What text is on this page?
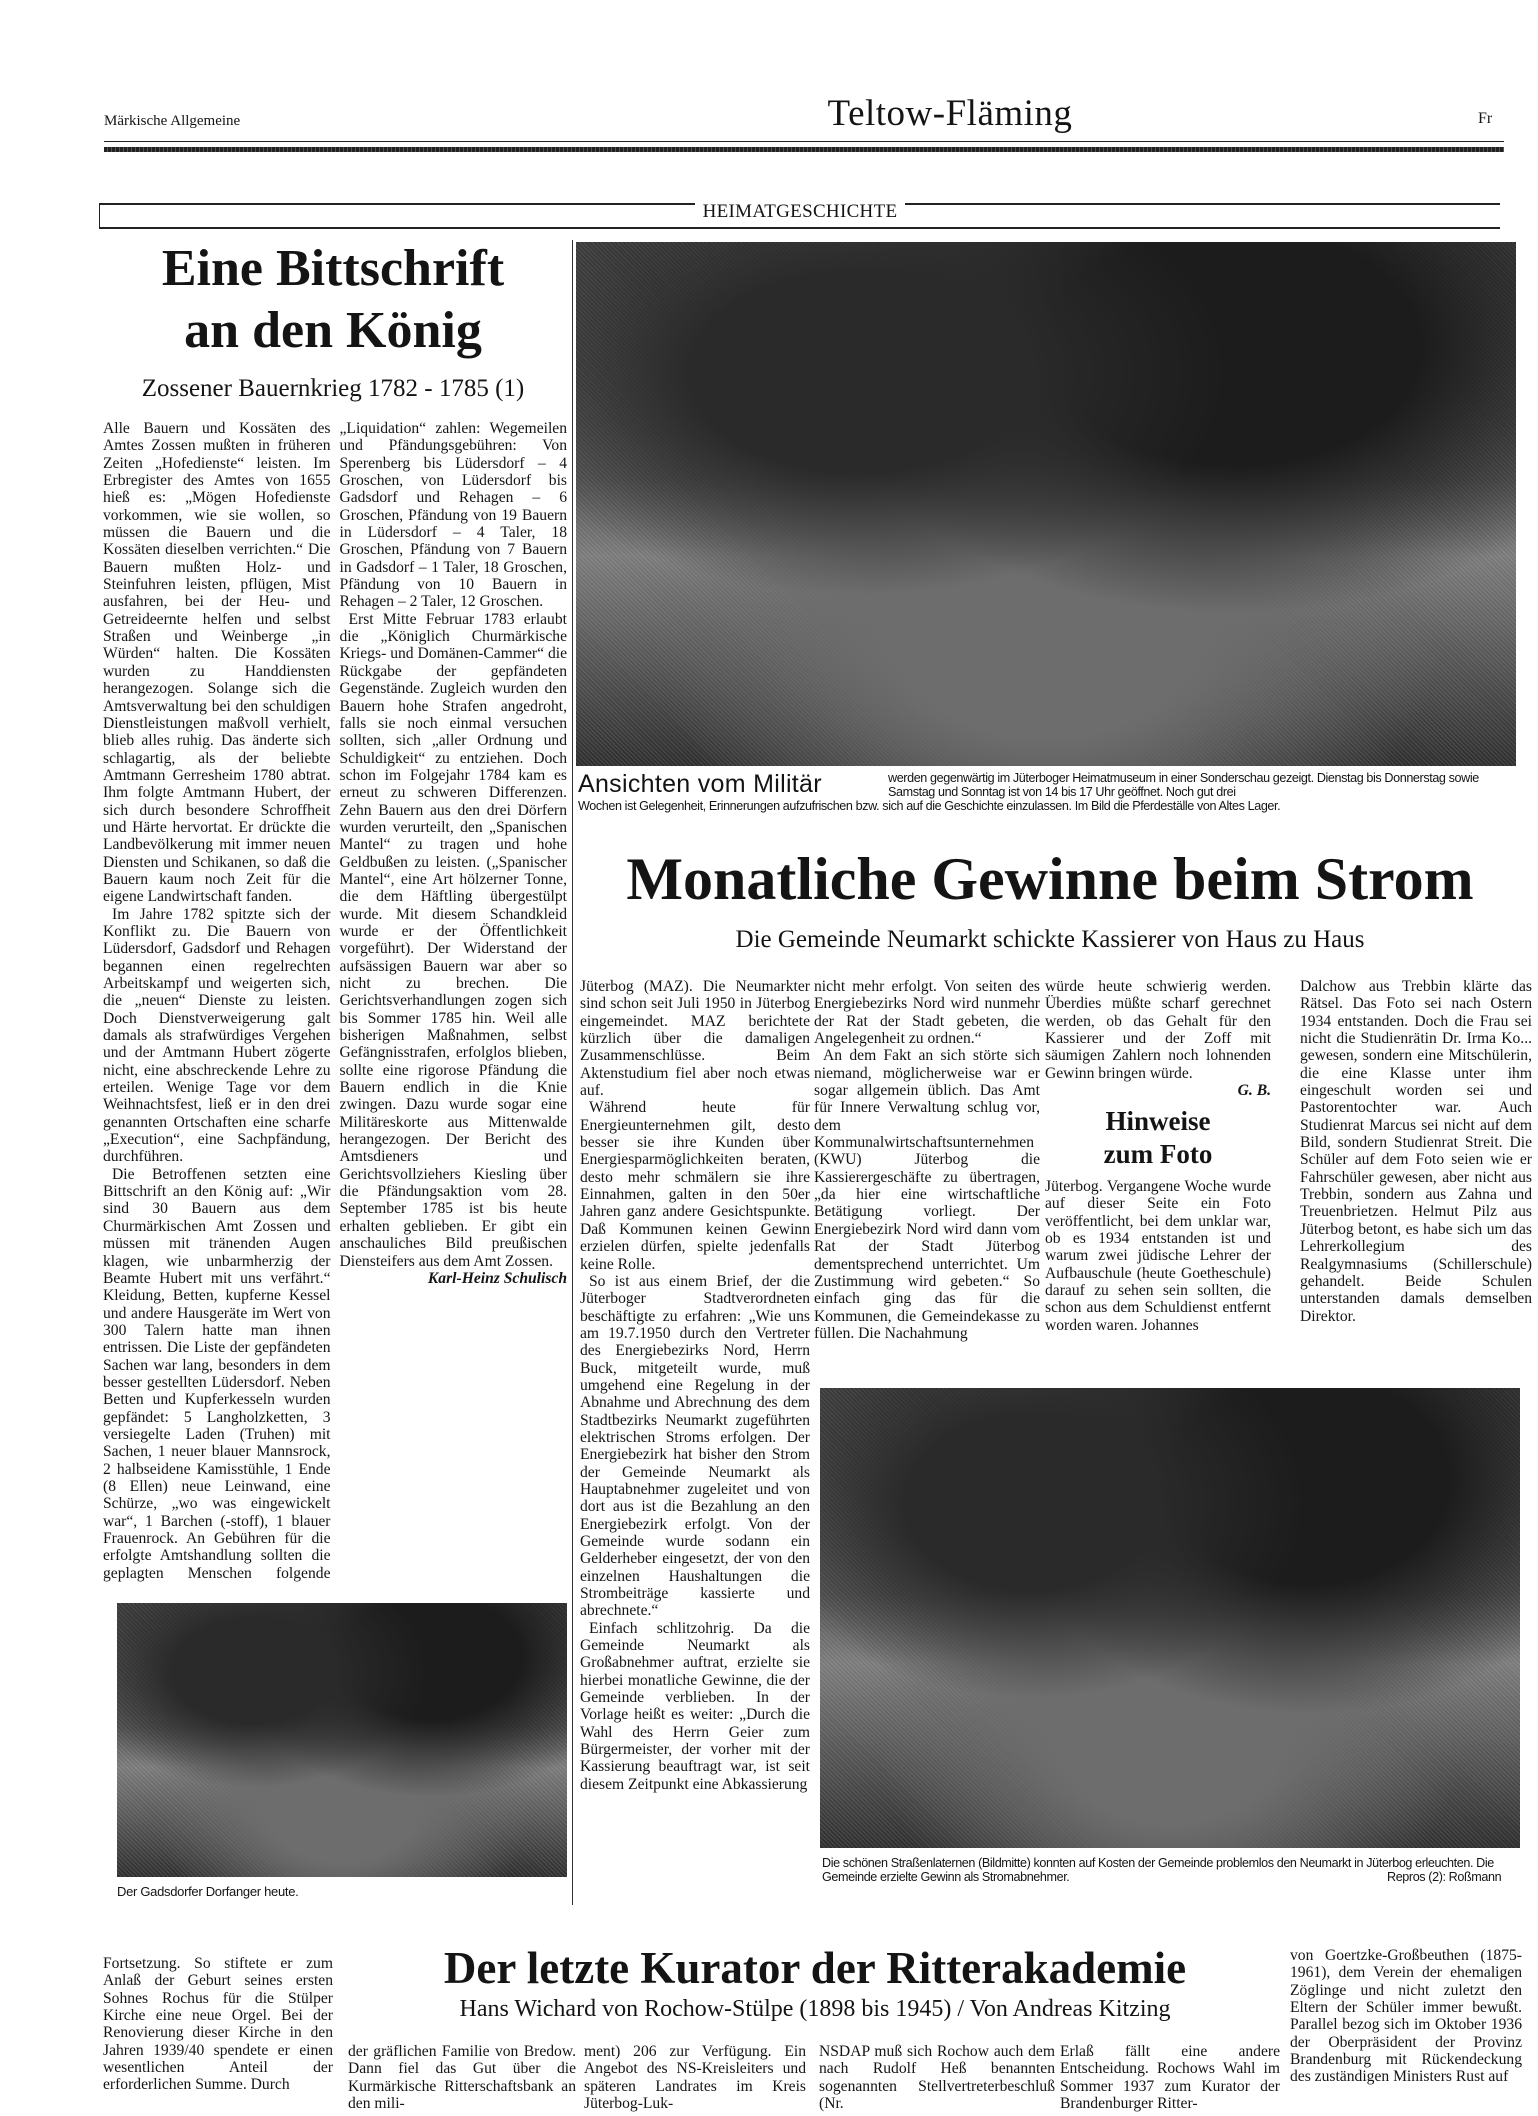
Märkische Allgemeine	Teltow-Fläming	Fr
HEIMATGESCHICHTE
Eine Bittschrift
an den König
Zossener Bauernkrieg 1782 - 1785 (1)

Alle Bauern und Kossäten des Amtes Zossen mußten in früheren Zeiten „Hofedienste“ leisten. Im Erbregister des Amtes von 1655 hieß es: „Mögen Hofedienste vorkommen, wie sie wollen, so müssen die Bauern und die Kossäten dieselben verrichten.“ Die Bauern mußten Holz- und Steinfuhren leisten, pflügen, Mist ausfahren, bei der Heu- und Getreideernte helfen und selbst Straßen und Weinberge „in Würden“ halten. Die Kossäten wurden zu Handdiensten herangezogen. Solange sich die Amtsverwaltung bei den schuldigen Dienstleistungen maßvoll verhielt, blieb alles ruhig. Das änderte sich schlagartig, als der beliebte Amtmann Gerresheim 1780 abtrat. Ihm folgte Amtmann Hubert, der sich durch besondere Schroffheit und Härte hervortat. Er drückte die Landbevölkerung mit immer neuen Diensten und Schikanen, so daß die Bauern kaum noch Zeit für die eigene Landwirtschaft fanden.

Im Jahre 1782 spitzte sich der Konflikt zu. Die Bauern von Lüdersdorf, Gadsdorf und Rehagen begannen einen regelrechten Arbeitskampf und weigerten sich, die „neuen“ Dienste zu leisten. Doch Dienstverweigerung galt damals als strafwürdiges Vergehen und der Amtmann Hubert zögerte nicht, eine abschreckende Lehre zu erteilen. Wenige Tage vor dem Weihnachtsfest, ließ er in den drei genannten Ortschaften eine scharfe „Execution“, eine Sachpfändung, durchführen.

Die Betroffenen setzten eine Bittschrift an den König auf: „Wir sind 30 Bauern aus dem Churmärkischen Amt Zossen und müssen mit tränenden Augen klagen, wie unbarmherzig der Beamte Hubert mit uns verfährt.“ Kleidung, Betten, kupferne Kessel und andere Hausgeräte im Wert von 300 Talern hatte man ihnen entrissen. Die Liste der gepfändeten Sachen war lang, besonders in dem besser gestellten Lüdersdorf. Neben Betten und Kupferkesseln wurden gepfändet: 5 Langholzketten, 3 versiegelte Laden (Truhen) mit Sachen, 1 neuer blauer Mannsrock, 2 halbseidene Kamisstühle, 1 Ende (8 Ellen) neue Leinwand, eine Schürze, „wo was eingewickelt war“, 1 Barchen (-stoff), 1 blauer Frauenrock. An Gebühren für die erfolgte Amtshandlung sollten die geplagten Menschen folgende „Liquidation“ zahlen: Wegemeilen und Pfändungsgebühren: Von Sperenberg bis Lüdersdorf – 4 Groschen, von Lüdersdorf bis Gadsdorf und Rehagen – 6 Groschen, Pfändung von 19 Bauern in Lüdersdorf – 4 Taler, 18 Groschen, Pfändung von 7 Bauern in Gadsdorf – 1 Taler, 18 Groschen, Pfändung von 10 Bauern in Rehagen – 2 Taler, 12 Groschen.

Erst Mitte Februar 1783 erlaubt die „Königlich Churmärkische Kriegs- und Domänen-Cammer“ die Rückgabe der gepfändeten Gegenstände. Zugleich wurden den Bauern hohe Strafen angedroht, falls sie noch einmal versuchen sollten, sich „aller Ordnung und Schuldigkeit“ zu entziehen. Doch schon im Folgejahr 1784 kam es erneut zu schweren Differenzen. Zehn Bauern aus den drei Dörfern wurden verurteilt, den „Spanischen Mantel“ zu tragen und hohe Geldbußen zu leisten. („Spanischer Mantel“, eine Art hölzerner Tonne, die dem Häftling übergestülpt wurde. Mit diesem Schandkleid wurde er der Öffentlichkeit vorgeführt). Der Widerstand der aufsässigen Bauern war aber so nicht zu brechen. Die Gerichtsverhandlungen zogen sich bis Sommer 1785 hin. Weil alle bisherigen Maßnahmen, selbst Gefängnisstrafen, erfolglos blieben, sollte eine rigorose Pfändung die Bauern endlich in die Knie zwingen. Dazu wurde sogar eine Militäreskorte aus Mittenwalde herangezogen. Der Bericht des Amtsdieners und Gerichtsvollziehers Kiesling über die Pfändungsaktion vom 28. September 1785 ist bis heute erhalten geblieben. Er gibt ein anschauliches Bild preußischen Diensteifers aus dem Amt Zossen.

Karl-Heinz Schulisch
Der Gadsdorfer Dorfanger heute.
Ansichten vom Militär	werden gegenwärtig im Jüterboger Heimatmuseum in einer Sonderschau gezeigt. Dienstag bis Donnerstag sowie Samstag und Sonntag ist von 14 bis 17 Uhr geöffnet. Noch gut drei
Wochen ist Gelegenheit, Erinnerungen aufzufrischen bzw. sich auf die Geschichte einzulassen. Im Bild die Pferdeställe von Altes Lager.
Monatliche Gewinne beim Strom
Die Gemeinde Neumarkt schickte Kassierer von Haus zu Haus

Jüterbog (MAZ). Die Neumarkter sind schon seit Juli 1950 in Jüterbog eingemeindet. MAZ berichtete kürzlich über die damaligen Zusammenschlüsse. Beim Aktenstudium fiel aber noch etwas auf.

Während heute für Energieunternehmen gilt, desto besser sie ihre Kunden über Energiesparmöglichkeiten beraten, desto mehr schmälern sie ihre Einnahmen, galten in den 50er Jahren ganz andere Gesichtspunkte. Daß Kommunen keinen Gewinn erzielen dürfen, spielte jedenfalls keine Rolle.

So ist aus einem Brief, der die Jüterboger Stadtverordneten beschäftigte zu erfahren: „Wie uns am 19.7.1950 durch den Vertreter des Energiebezirks Nord, Herrn Buck, mitgeteilt wurde, muß umgehend eine Regelung in der Abnahme und Abrechnung des dem Stadtbezirks Neumarkt zugeführten elektrischen Stroms erfolgen. Der Energiebezirk hat bisher den Strom der Gemeinde Neumarkt als Hauptabnehmer zugeleitet und von dort aus ist die Bezahlung an den Energiebezirk erfolgt. Von der Gemeinde wurde sodann ein Gelderheber eingesetzt, der von den einzelnen Haushaltungen die Strombeiträge kassierte und abrechnete.“

Einfach schlitzohrig. Da die Gemeinde Neumarkt als Großabnehmer auftrat, erzielte sie hierbei monatliche Gewinne, die der Gemeinde verblieben. In der Vorlage heißt es weiter: „Durch die Wahl des Herrn Geier zum Bürgermeister, der vorher mit der Kassierung beauftragt war, ist seit diesem Zeitpunkt eine Abkassierung

nicht mehr erfolgt. Von seiten des Energiebezirks Nord wird nunmehr der Rat der Stadt gebeten, die Angelegenheit zu ordnen.“

An dem Fakt an sich störte sich niemand, möglicherweise war er sogar allgemein üblich. Das Amt für Innere Verwaltung schlug vor, dem Kommunalwirtschaftsunternehmen (KWU) Jüterbog die Kassierergeschäfte zu übertragen, „da hier eine wirtschaftliche Betätigung vorliegt. Der Energiebezirk Nord wird dann vom Rat der Stadt Jüterbog dementsprechend unterrichtet. Um Zustimmung wird gebeten.“ So einfach ging das für die Kommunen, die Gemeindekasse zu füllen. Die Nachahmung

würde heute schwierig werden. Überdies müßte scharf gerechnet werden, ob das Gehalt für den Kassierer und der Zoff mit säumigen Zahlern noch lohnenden Gewinn bringen würde.

G. B.
Die schönen Straßenlaternen (Bildmitte) konnten auf Kosten der Gemeinde problemlos den Neumarkt in Jüterbog erleuchten. Die Gemeinde erzielte Gewinn als Stromabnehmer.	Repros (2): Roßmann
Hinweise
zum Foto

Jüterbog. Vergangene Woche wurde auf dieser Seite ein Foto veröffentlicht, bei dem unklar war, ob es 1934 entstanden ist und warum zwei jüdische Lehrer der Aufbauschule (heute Goetheschule) darauf zu sehen sein sollten, die schon aus dem Schuldienst entfernt worden waren. Johannes

Dalchow aus Trebbin klärte das Rätsel. Das Foto sei nach Ostern 1934 entstanden. Doch die Frau sei nicht die Studienrätin Dr. Irma Ko... gewesen, sondern eine Mitschülerin, die eine Klasse unter ihm eingeschult worden sei und Pastorentochter war. Auch Studienrat Marcus sei nicht auf dem Bild, sondern Studienrat Streit. Die Schüler auf dem Foto seien wie er Fahrschüler gewesen, aber nicht aus Trebbin, sondern aus Zahna und Treuenbrietzen. Helmut Pilz aus Jüterbog betont, es habe sich um das Lehrerkollegium des Realgymnasiums (Schillerschule) gehandelt. Beide Schulen unterstanden damals demselben Direktor.

Fortsetzung. So stiftete er zum Anlaß der Geburt seines ersten Sohnes Rochus für die Stülper Kirche eine neue Orgel. Bei der Renovierung dieser Kirche in den Jahren 1939/40 spendete er einen wesentlichen Anteil der erforderlichen Summe. Durch

Der letzte Kurator der Ritterakademie
Hans Wichard von Rochow-Stülpe (1898 bis 1945) / Von Andreas Kitzing

der gräflichen Familie von Bredow. Dann fiel das Gut über die Kurmärkische Ritterschaftsbank an den mili-

ment) 206 zur Verfügung. Ein Angebot des NS-Kreisleiters und späteren Landrates im Kreis Jüterbog-Luk-

NSDAP muß sich Rochow auch dem nach Rudolf Heß benannten sogenannten Stellvertreterbeschluß (Nr.

Erlaß fällt eine andere Entscheidung. Rochows Wahl im Sommer 1937 zum Kurator der Brandenburger Ritter-

von Goertzke-Großbeuthen (1875-1961), dem Verein der ehemaligen Zöglinge und nicht zuletzt den Eltern der Schüler immer bewußt. Parallel bezog sich im Oktober 1936 der Oberpräsident der Provinz Brandenburg mit Rückendeckung des zuständigen Ministers Rust auf
